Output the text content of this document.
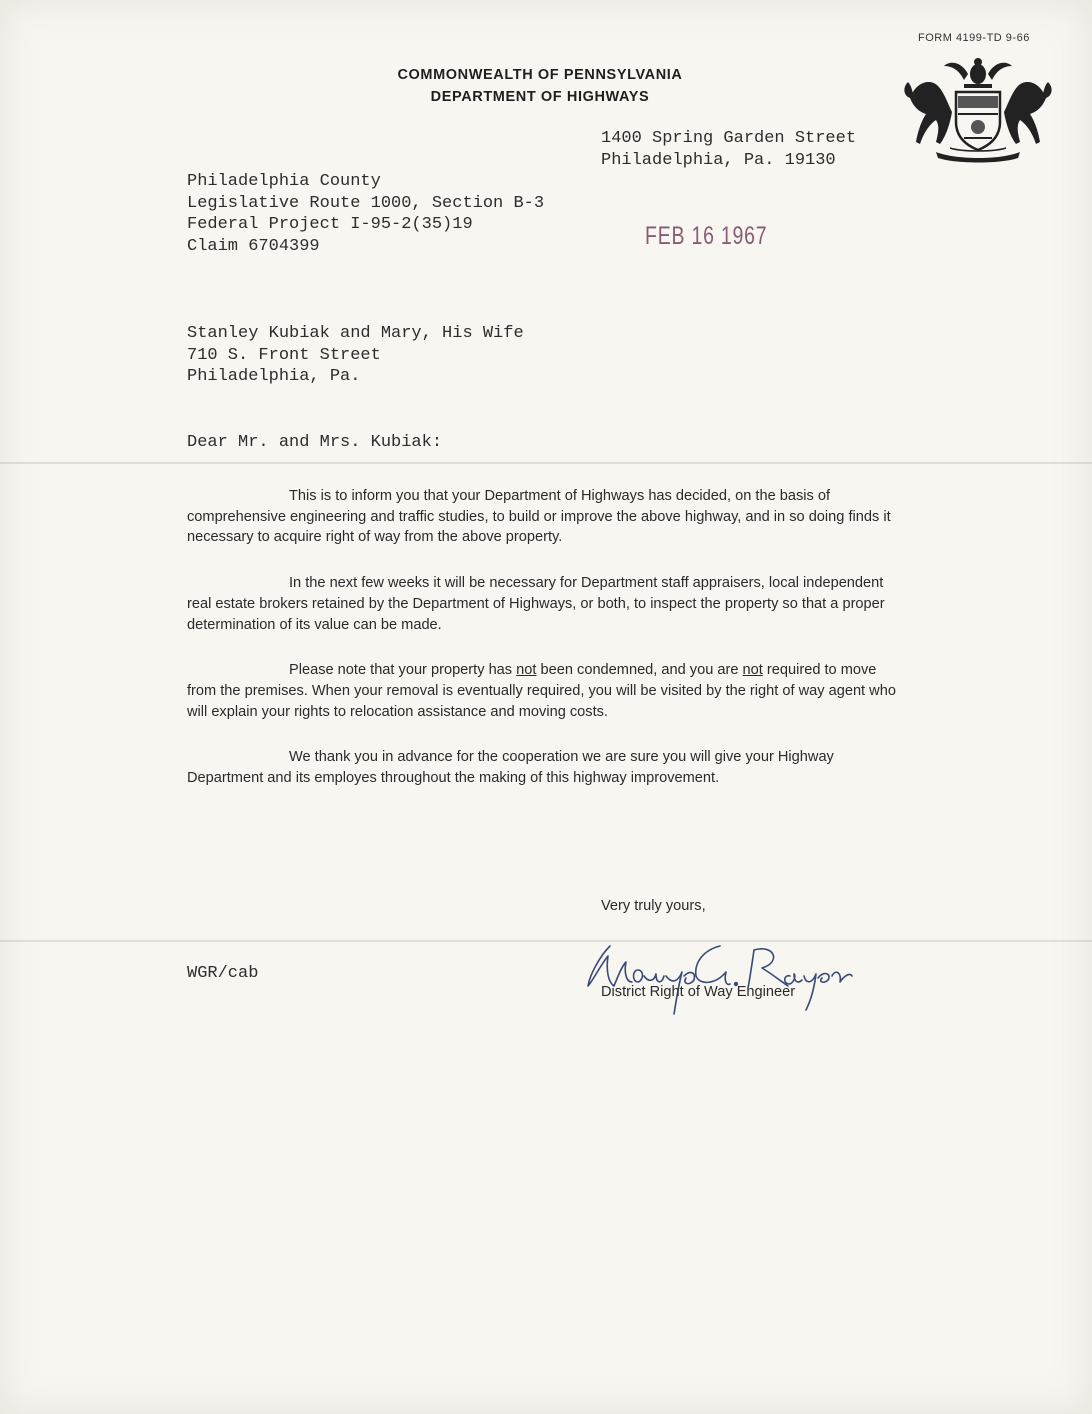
FORM 4199-TD 9-66
COMMONWEALTH OF PENNSYLVANIA
DEPARTMENT OF HIGHWAYS
1400 Spring Garden Street
Philadelphia, Pa. 19130
Philadelphia County
Legislative Route 1000, Section B-3
Federal Project I-95-2(35)19
Claim 6704399	FEB 16 1967
Stanley Kubiak and Mary, His Wife
710 S. Front Street
Philadelphia, Pa.
Dear Mr. and Mrs. Kubiak:

This is to inform you that your Department of Highways has decided, on the basis of comprehensive engineering and traffic studies, to build or improve the above highway, and in so doing finds it necessary to acquire right of way from the above property.

In the next few weeks it will be necessary for Department staff appraisers, local independent real estate brokers retained by the Department of Highways, or both, to inspect the property so that a proper determination of its value can be made.

Please note that your property has not been condemned, and you are not required to move from the premises. When your removal is eventually required, you will be visited by the right of way agent who will explain your rights to relocation assistance and moving costs.

We thank you in advance for the cooperation we are sure you will give your Highway Department and its employes throughout the making of this highway improvement.

Very truly yours,
WGR/cab
District Right of Way Engineer
